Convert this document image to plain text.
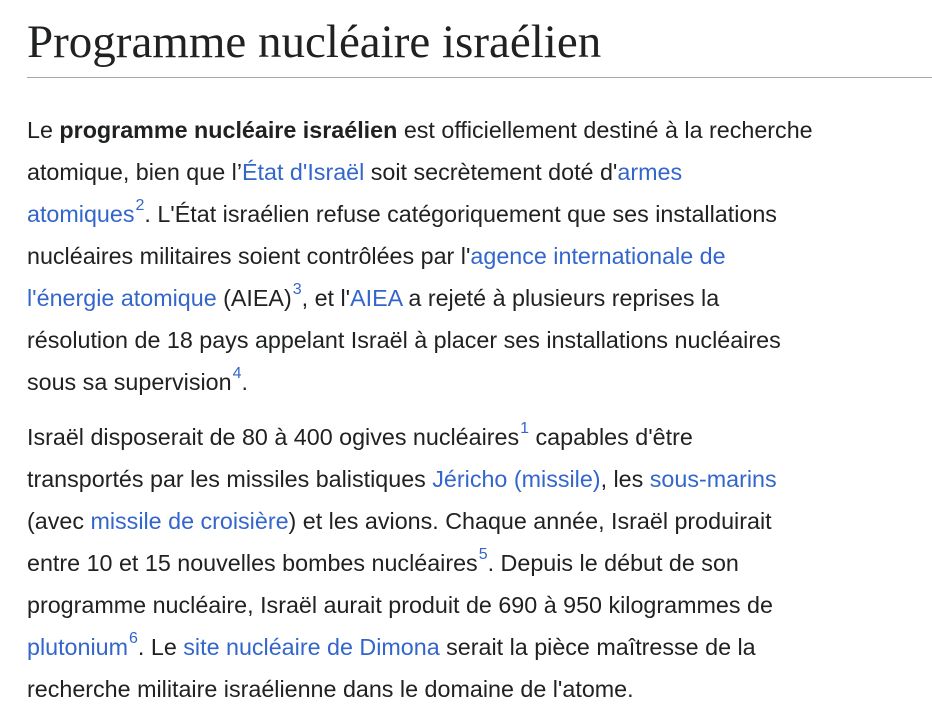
Programme nucléaire israélien
Le programme nucléaire israélien est officiellement destiné à la recherche
atomique, bien que l’État d'Israël soit secrètement doté d'armes
atomiques$^2$. L'État israélien refuse catégoriquement que ses installations
nucléaires militaires soient contrôlées par l'agence internationale de
l'énergie atomique (AIEA)$^3$, et l'AIEA a rejeté à plusieurs reprises la
résolution de 18 pays appelant Israël à placer ses installations nucléaires
sous sa supervision$^4$.
Israël disposerait de 80 à 400 ogives nucléaires$^1$ capables d'être
transportés par les missiles balistiques Jéricho (missile), les sous-marins
(avec missile de croisière) et les avions. Chaque année, Israël produirait
entre 10 et 15 nouvelles bombes nucléaires$^5$. Depuis le début de son
programme nucléaire, Israël aurait produit de 690 à 950 kilogrammes de
plutonium$^6$. Le site nucléaire de Dimona serait la pièce maîtresse de la
recherche militaire israélienne dans le domaine de l'atome.
